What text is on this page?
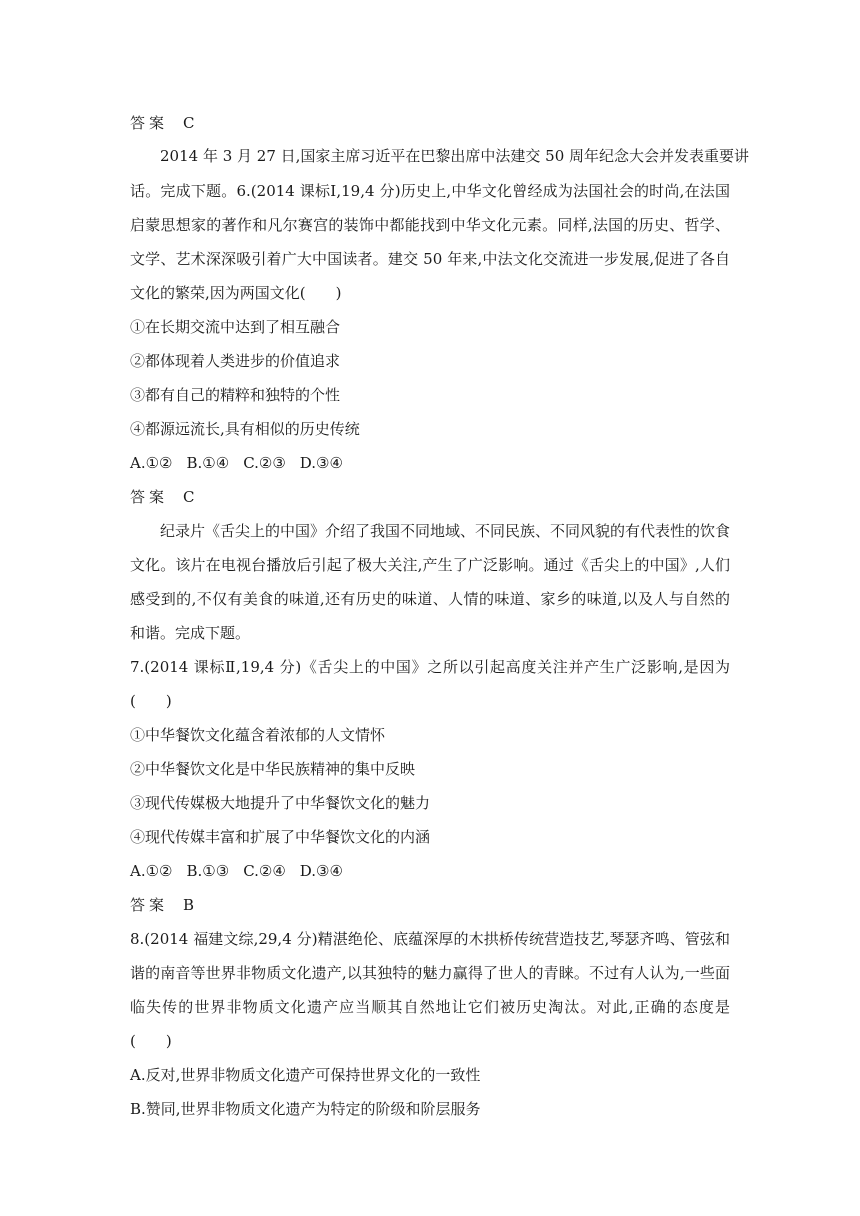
答案　 C

2014 年 3 月 27 日,国家主席习近平在巴黎出席中法建交 50 周年纪念大会并发表重要讲

话。完成下题。6.(2014 课标Ⅰ,19,4 分)历史上,中华文化曾经成为法国社会的时尚,在法国

启蒙思想家的著作和凡尔赛宫的装饰中都能找到中华文化元素。同样,法国的历史、哲学、

文学、艺术深深吸引着广大中国读者。建交 50 年来,中法文化交流进一步发展,促进了各自

文化的繁荣,因为两国文化(　　)

①在长期交流中达到了相互融合

②都体现着人类进步的价值追求

③都有自己的精粹和独特的个性

④都源远流长,具有相似的历史传统

A.①② B.①④ C.②③ D.③④

答案　 C

纪录片《舌尖上的中国》介绍了我国不同地域、不同民族、不同风貌的有代表性的饮食

文化。该片在电视台播放后引起了极大关注,产生了广泛影响。通过《舌尖上的中国》,人们

感受到的,不仅有美食的味道,还有历史的味道、人情的味道、家乡的味道,以及人与自然的

和谐。完成下题。

7.(2014 课标Ⅱ,19,4 分)《舌尖上的中国》之所以引起高度关注并产生广泛影响,是因为

(　　)

①中华餐饮文化蕴含着浓郁的人文情怀

②中华餐饮文化是中华民族精神的集中反映

③现代传媒极大地提升了中华餐饮文化的魅力

④现代传媒丰富和扩展了中华餐饮文化的内涵

A.①② B.①③ C.②④ D.③④

答案　 B

8.(2014 福建文综,29,4 分)精湛绝伦、底蕴深厚的木拱桥传统营造技艺,琴瑟齐鸣、管弦和

谐的南音等世界非物质文化遗产,以其独特的魅力赢得了世人的青睐。不过有人认为,一些面

临失传的世界非物质文化遗产应当顺其自然地让它们被历史淘汰。对此,正确的态度是

(　　)

A.反对,世界非物质文化遗产可保持世界文化的一致性

B.赞同,世界非物质文化遗产为特定的阶级和阶层服务
